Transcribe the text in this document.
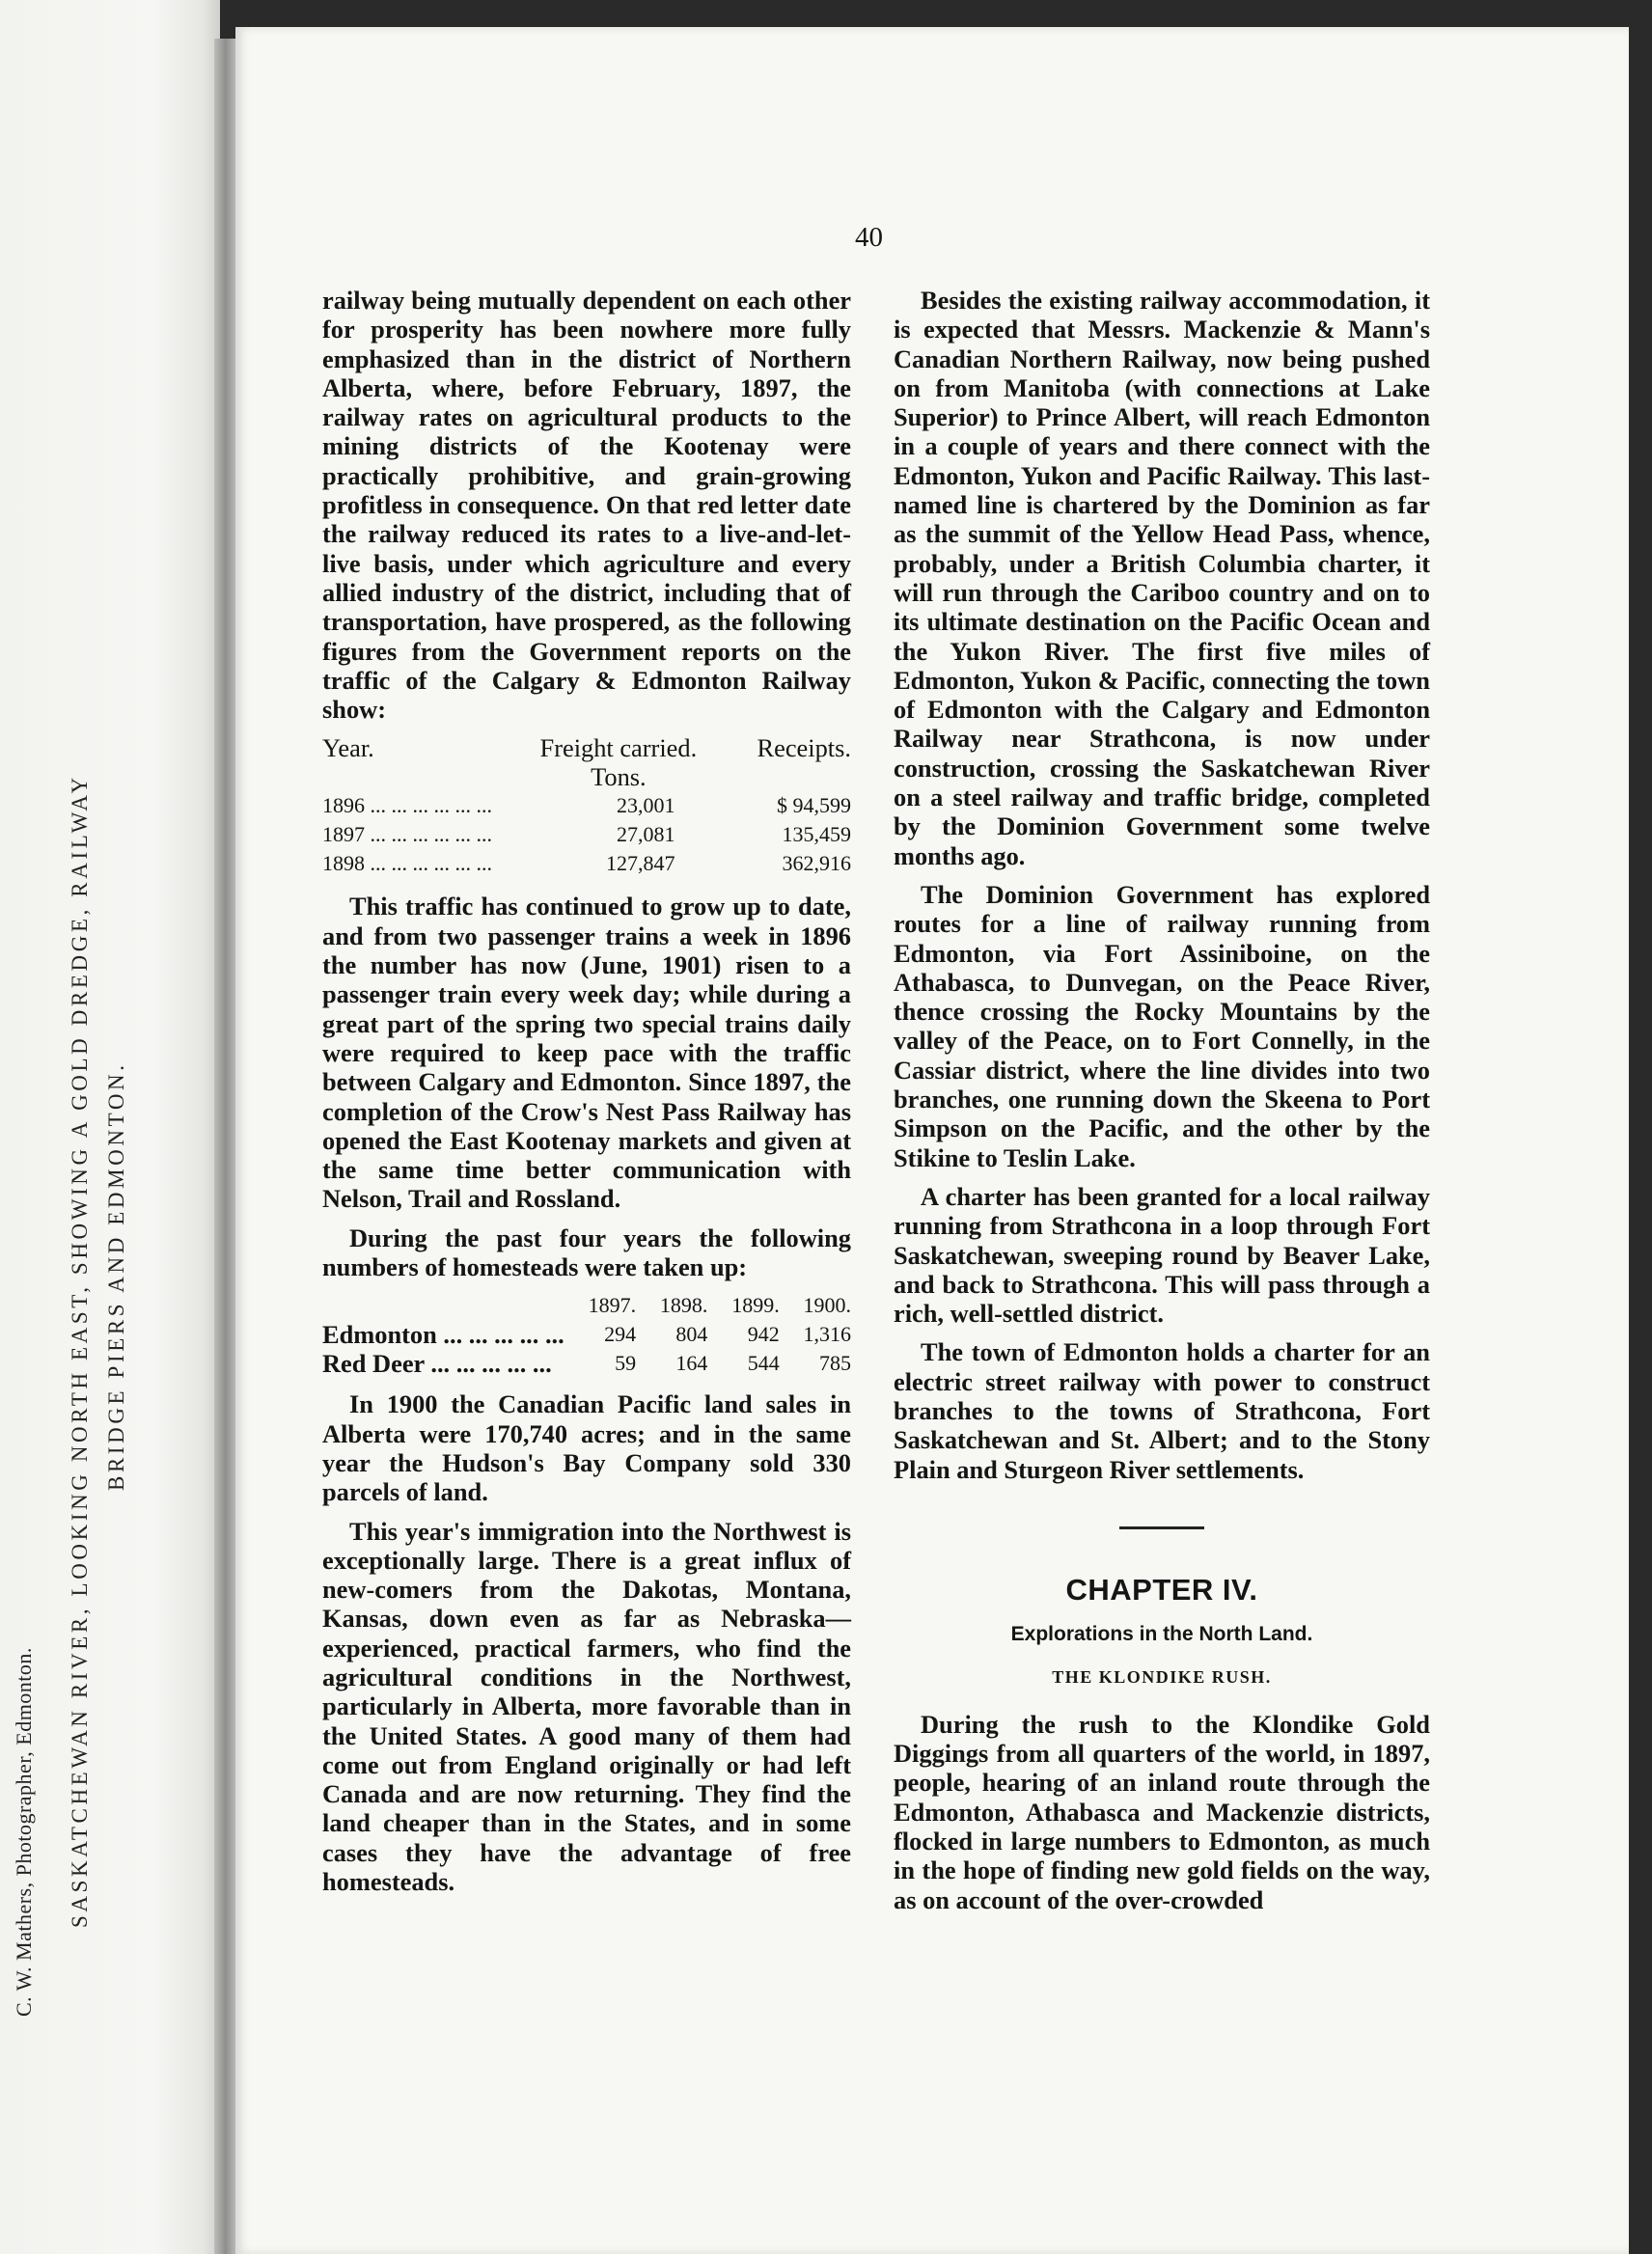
C. W. Mathers, Photographer, Edmonton. SASKATCHEWAN RIVER, LOOKING NORTH EAST, SHOWING A GOLD DREDGE, RAILWAY BRIDGE PIERS AND EDMONTON.
40

railway being mutually dependent on each other for prosperity has been nowhere more fully emphasized than in the district of Northern Alberta, where, before February, 1897, the railway rates on agricultural products to the mining districts of the Kootenay were practically prohibitive, and grain-growing profitless in consequence. On that red letter date the railway reduced its rates to a live-and-let-live basis, under which agriculture and every allied industry of the district, including that of transportation, have prospered, as the following figures from the Government reports on the traffic of the Calgary & Edmonton Railway show:

Year.	Freight carried.	Receipts.
	Tons.	
1896 ... ... ... ... ... ...	23,001	$ 94,599
1897 ... ... ... ... ... ...	27,081	135,459
1898 ... ... ... ... ... ...	127,847	362,916

This traffic has continued to grow up to date, and from two passenger trains a week in 1896 the number has now (June, 1901) risen to a passenger train every week day; while during a great part of the spring two special trains daily were required to keep pace with the traffic between Calgary and Edmonton. Since 1897, the completion of the Crow's Nest Pass Railway has opened the East Kootenay markets and given at the same time better communication with Nelson, Trail and Rossland.

During the past four years the following numbers of homesteads were taken up:

	1897.	1898.	1899.	1900.
Edmonton ... ... ... ... ...	294	804	942	1,316
Red Deer ... ... ... ... ...	59	164	544	785

In 1900 the Canadian Pacific land sales in Alberta were 170,740 acres; and in the same year the Hudson's Bay Company sold 330 parcels of land.

This year's immigration into the Northwest is exceptionally large. There is a great influx of new-comers from the Dakotas, Montana, Kansas, down even as far as Nebraska—experienced, practical farmers, who find the agricultural conditions in the Northwest, particularly in Alberta, more favorable than in the United States. A good many of them had come out from England originally or had left Canada and are now returning. They find the land cheaper than in the States, and in some cases they have the advantage of free homesteads.

Besides the existing railway accommodation, it is expected that Messrs. Mackenzie & Mann's Canadian Northern Railway, now being pushed on from Manitoba (with connections at Lake Superior) to Prince Albert, will reach Edmonton in a couple of years and there connect with the Edmonton, Yukon and Pacific Railway. This last-named line is chartered by the Dominion as far as the summit of the Yellow Head Pass, whence, probably, under a British Columbia charter, it will run through the Cariboo country and on to its ultimate destination on the Pacific Ocean and the Yukon River. The first five miles of Edmonton, Yukon & Pacific, connecting the town of Edmonton with the Calgary and Edmonton Railway near Strathcona, is now under construction, crossing the Saskatchewan River on a steel railway and traffic bridge, completed by the Dominion Government some twelve months ago.

The Dominion Government has explored routes for a line of railway running from Edmonton, via Fort Assiniboine, on the Athabasca, to Dunvegan, on the Peace River, thence crossing the Rocky Mountains by the valley of the Peace, on to Fort Connelly, in the Cassiar district, where the line divides into two branches, one running down the Skeena to Port Simpson on the Pacific, and the other by the Stikine to Teslin Lake.

A charter has been granted for a local railway running from Strathcona in a loop through Fort Saskatchewan, sweeping round by Beaver Lake, and back to Strathcona. This will pass through a rich, well-settled district.

The town of Edmonton holds a charter for an electric street railway with power to construct branches to the towns of Strathcona, Fort Saskatchewan and St. Albert; and to the Stony Plain and Sturgeon River settlements.

CHAPTER IV.
Explorations in the North Land.
THE KLONDIKE RUSH.

During the rush to the Klondike Gold Diggings from all quarters of the world, in 1897, people, hearing of an inland route through the Edmonton, Athabasca and Mackenzie districts, flocked in large numbers to Edmonton, as much in the hope of finding new gold fields on the way, as on account of the over-crowded
